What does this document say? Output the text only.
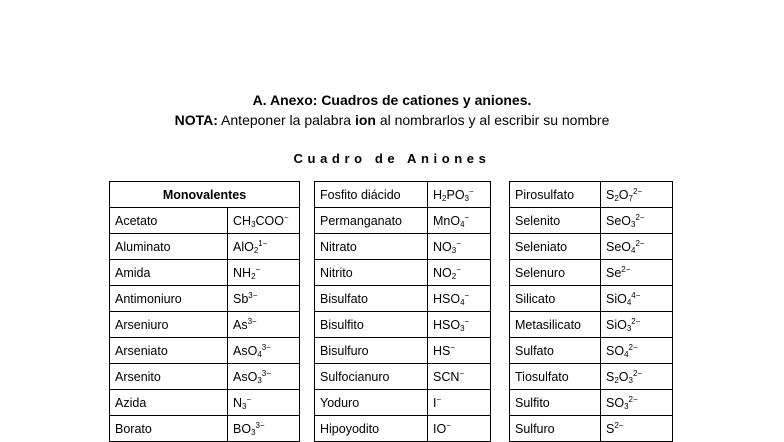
A. Anexo: Cuadros de cationes y aniones.
NOTA: Anteponer la palabra ion al nombrarlos y al escribir su nombre
Cuadro de Aniones
Monovalentes	
Acetato	$CH_3COO^-$
Aluminato	AlO$_2^{1-}$
Amida	$NH_2^-$
Antimoniuro	$Sb^{3-}$
Arseniuro	$As^{3-}$
Arseniato	AsO$_4^{3-}$
Arsenito	AsO$_3^{3-}$
Azida	$N_3^-$
Borato	$BO_3^{3-}$
Fosfito diácido	$H_2PO_3^-$
Permanganato	MnO$_4$−
Nitrato	$NO_3^-$
Nitrito	$NO_2^-$
Bisulfato	$HSO_4^-$
Bisulfito	$HSO_3^-$
Bisulfuro	HS−
Sulfocianuro	SCN−
Yoduro	I−
Hipoyodito	IO−
Pirosulfato	$S_2O_7^{2-}$
Selenito	SeO$_3^{2-}$
Seleniato	SeO$_4^{2-}$
Selenuro	$Se^{2-}$
Silicato	SiO$_4^{4-}$
Metasilicato	SiO$_3^{2-}$
Sulfato	$SO_4^{2-}$
Tiosulfato	$S_2O_3^{2-}$
Sulfito	$SO_3^{2-}$
Sulfuro	$S^{2-}$
